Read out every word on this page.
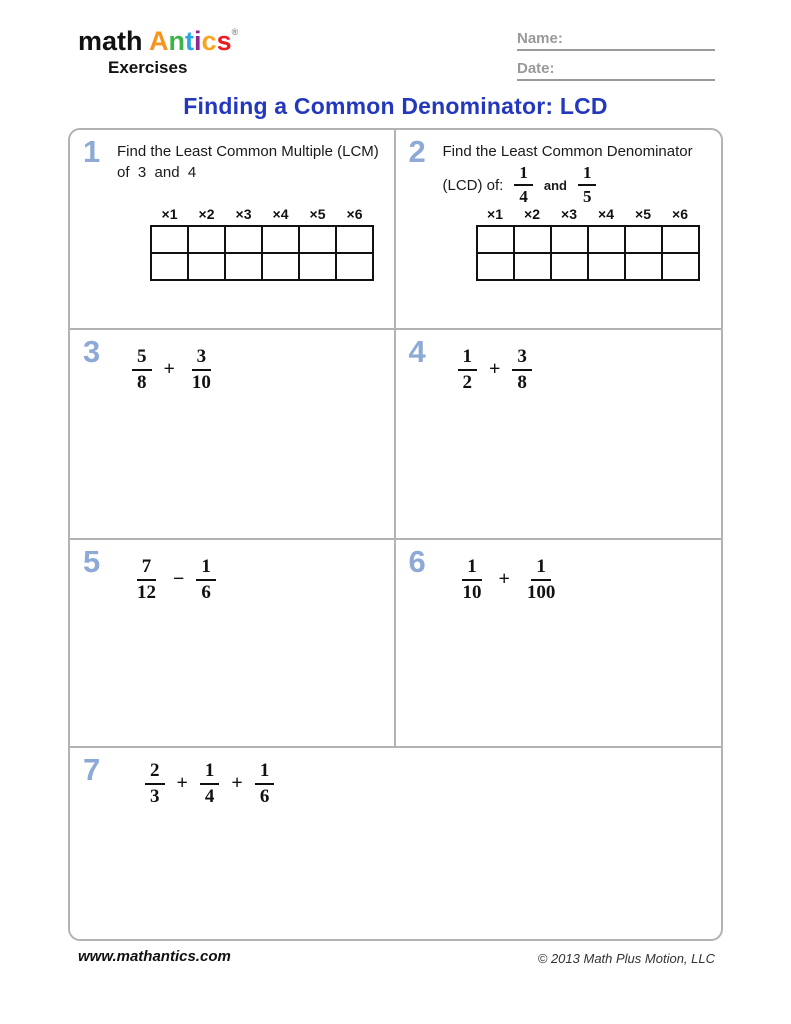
math Antics®
Exercises
Name:
Date:
Finding a Common Denominator: LCD
1 Find the Least Common Multiple (LCM)
of  3  and  4
×1	×2	×3	×4	×5	×6

2 Find the Least Common Denominator
(LCD) of: $\frac{1}{4}$ and $\frac{1}{5}$
×1	×2	×3	×4	×5	×6

$3 \frac{5}{8} + \frac{3}{10}$	$4 \frac{1}{2} + \frac{3}{8}$
$5 \frac{7}{12} - \frac{1}{6}$	$6 \frac{1}{10} + \frac{1}{100}$
$7 \frac{2}{3} + \frac{1}{4} + \frac{1}{6}$
www.mathantics.com	© 2013 Math Plus Motion, LLC
